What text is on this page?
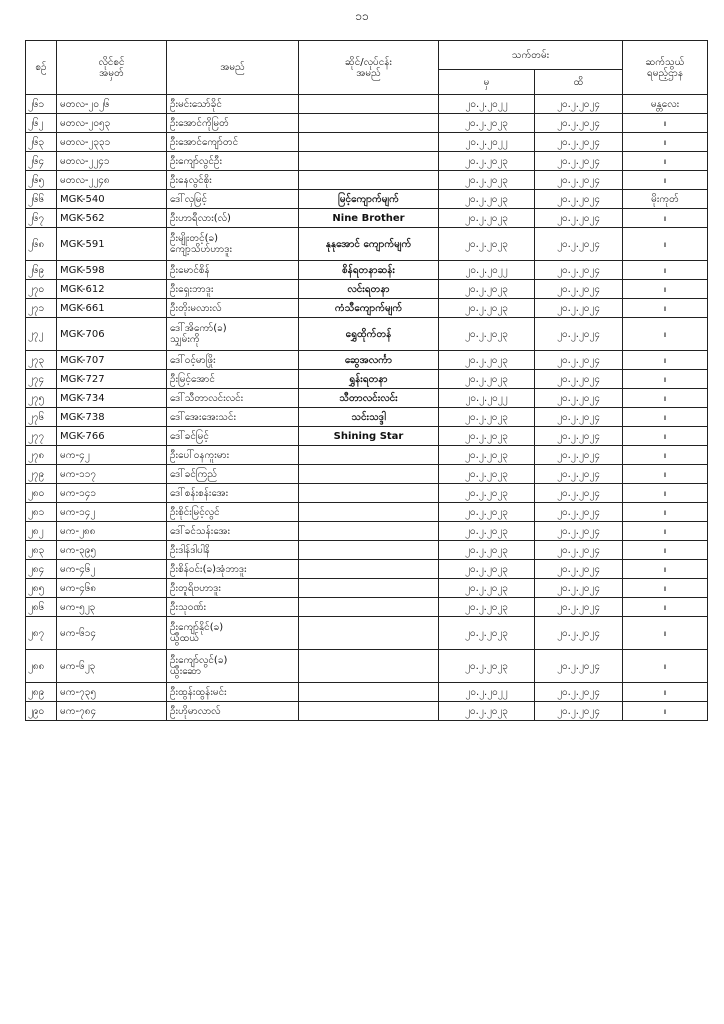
၁၁
စဉ်	လိုင်စင်
အမှတ်	အမည်	ဆိုင်/လုပ်ငန်း
အမည်	သက်တမ်း		ဆက်သွယ်
ရမည့်ဌာန
				မှ	ထိ	
၂၆၁	မတလ-၂၀၂၆	ဦးမင်းသော်ခိုင်		၂၀.၂.၂၀၂၂	၂၀.၂.၂၀၂၄	မန္တလေး
၂၆၂	မတလ-၂၀၅၃	ဦးအောင်ကိုမြတ်		၂၀.၂.၂၀၂၃	၂၀.၂.၂၀၂၄	။
၂၆၃	မတလ-၂၃၃၁	ဦးအောင်ကျော်တင်		၂၀.၂.၂၀၂၂	၂၀.၂.၂၀၂၄	။
၂၆၄	မတလ-၂၂၄၁	ဦးကျော်လွင်ဦး		၂၀.၂.၂၀၂၃	၂၀.၂.၂၀၂၄	။
၂၆၅	မတလ-၂၂၄၈	ဦးနေလွင်စိုး		၂၀.၂.၂၀၂၃	၂၀.၂.၂၀၂၄	။
၂၆၆	MGK-540	ဒေါ်လှမြင့်	မြင့်ကျောက်မျက်	၂၀.၂.၂၀၂၃	၂၀.၂.၂၀၂၄	မိုးကုတ်
၂၆၇	MGK-562	ဦးဟာရီလား(လ်)	Nine Brother	၂၀.၂.၂၀၂၃	၂၀.၂.၂၀၂၄	။
၂၆၈	MGK-591	ဦးမျိုးတင့်(ခ)
ကျော့သိဟ်ဟာဒူး	နုနုအောင် ကျောက်မျက်	၂၀.၂.၂၀၂၃	၂၀.၂.၂၀၂၄	။
၂၆၉	MGK-598	ဦးမောင်စိန်	စိန်ရတနာဆန်း	၂၀.၂.၂၀၂၂	၂၀.၂.၂၀၂၄	။
၂၇၀	MGK-612	ဦးရှေးဘာဒူး	လင်းရတနာ	၂၀.၂.၂၀၂၃	၂၀.၂.၂၀၂၄	။
၂၇၁	MGK-661	ဦးတိုးမလားလ်	ကံသီကျောက်မျက်	၂၀.၂.၂၀၂၃	၂၀.၂.၂၀၂၄	။
၂၇၂	MGK-706	ဒေါ်အိကော်(ခ)
သျှမ်းကို	ရွှေထိုက်တန်	၂၀.၂.၂၀၂၃	၂၀.၂.၂၀၂၄	။
၂၇၃	MGK-707	ဒေါ်ဝင့်မာဖြိုး	ဆွေအလင်္ကာ	၂၀.၂.၂၀၂၃	၂၀.၂.၂၀၂၄	။
၂၇၄	MGK-727	ဦးမြင့်အောင်	ရွှန်းရတနာ	၂၀.၂.၂၀၂၃	၂၀.၂.၂၀၂၄	။
၂၇၅	MGK-734	ဒေါ်သီတာလင်းလင်း	သီတာလင်းလင်း	၂၀.၂.၂၀၂၂	၂၀.၂.၂၀၂၄	။
၂၇၆	MGK-738	ဒေါ်အေးအေးသင်း	သင်းသဒ္ဒါ	၂၀.၂.၂၀၂၃	၂၀.၂.၂၀၂၄	။
၂၇၇	MGK-766	ဒေါ်ခင်မြင့်	Shining Star	၂၀.၂.၂၀၂၃	၂၀.၂.၂၀၂၄	။
၂၇၈	မက-၄၂	ဦးပေါ်ဝနကူးမား		၂၀.၂.၂၀၂၃	၂၀.၂.၂၀၂၄	။
၂၇၉	မက-၁၁၇	ဒေါ်ခင်ကြည်		၂၀.၂.၂၀၂၃	၂၀.၂.၂၀၂၄	။
၂၈၀	မက-၁၄၁	ဒေါ်စန်းစန်းအေး		၂၀.၂.၂၀၂၃	၂၀.၂.၂၀၂၄	။
၂၈၁	မက-၁၄၂	ဦးစိုင်းမြင့်လွင်		၂၀.၂.၂၀၂၃	၂၀.၂.၂၀၂၄	။
၂၈၂	မက-၂၈၈	ဒေါ်ခင်သန်းအေး		၂၀.၂.၂၀၂၃	၂၀.၂.၂၀၂၄	။
၂၈၃	မက-၃၉၅	ဦးဒါန်ဒါပါနိ		၂၀.၂.၂၀၂၃	၂၀.၂.၂၀၂၄	။
၂၈၄	မက-၄၆၂	ဦးစိန်ဝင်း(ခ)အုံဘာဒူး		၂၀.၂.၂၀၂၃	၂၀.၂.၂၀၂၄	။
၂၈၅	မက-၄၆၈	ဦးတူရိဗဟာဒူး		၂၀.၂.၂၀၂၃	၂၀.၂.၂၀၂၄	။
၂၈၆	မက-၅၂၃	ဦးသုဝဏ်း		၂၀.၂.၂၀၂၃	၂၀.၂.၂၀၂၄	။
၂၈၇	မက-၆၁၄	ဦးကျော်နိုင်(ခ)
ယွီထယ်		၂၀.၂.၂၀၂၃	၂၀.၂.၂၀၂၄	။
၂၈၈	မက-၆၂၃	ဦးကျော်လွင်(ခ)
ယွီးဆော		၂၀.၂.၂၀၂၃	၂၀.၂.၂၀၂၄	။
၂၈၉	မက-၇၃၅	ဦးထွန်းထွန်းမင်း		၂၀.၂.၂၀၂၂	၂၀.၂.၂၀၂၄	။
၂၉၀	မက-၇၈၄	ဦးဟိုမာလာလ်		၂၀.၂.၂၀၂၃	၂၀.၂.၂၀၂၄	။
